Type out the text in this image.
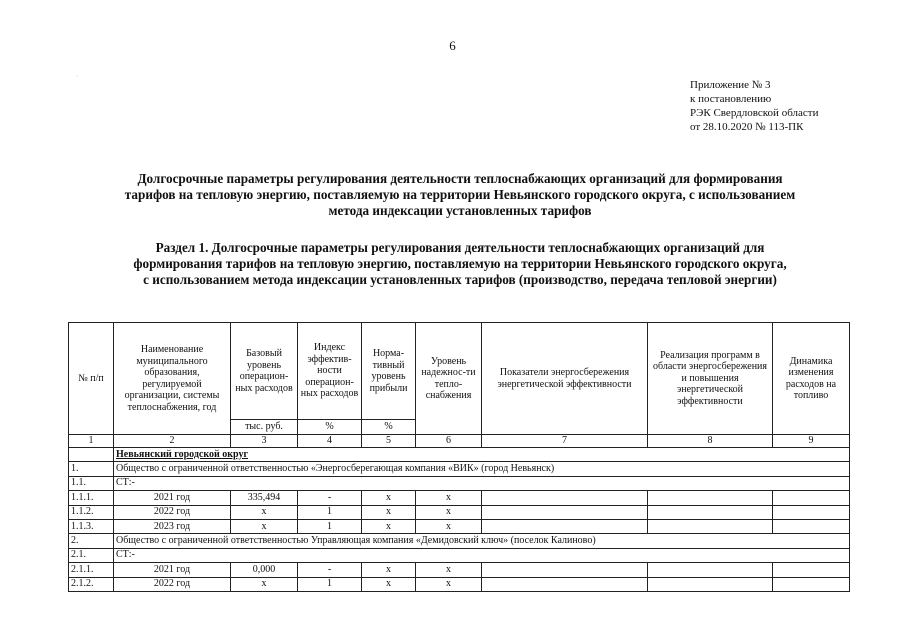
6
·
Приложение № 3
к постановлению
РЭК Свердловской области
от 28.10.2020 № 113-ПК
Долгосрочные параметры регулирования деятельности теплоснабжающих организаций для формирования
тарифов на тепловую энергию, поставляемую на территории Невьянского городского округа, с использованием
метода индексации установленных тарифов
Раздел 1. Долгосрочные параметры регулирования деятельности теплоснабжающих организаций для
формирования тарифов на тепловую энергию, поставляемую на территории Невьянского городского округа,
с использованием метода индексации установленных тарифов (производство, передача тепловой энергии)
№ п/п	Наименование муниципального образования, регулируемой организации, системы теплоснабжения, год	Базовый уровень операцион-ных расходов	Индекс эффектив-ности операцион-ных расходов	Норма-тивный уровень прибыли	Уровень надежнос-ти тепло-снабжения	Показатели энергосбережения энергетической эффективности	Реализация программ в области энергосбережения и повышения энергетической эффективности	Динамика изменения расходов на топливо
		тыс. руб.	%	%				
1	2	3	4	5	6	7	8	9
	Невьянский городской округ							
1.	Общество с ограниченной ответственностью «Энергосберегающая компания «ВИК» (город Невьянск)							
1.1.	СТ:-							
1.1.1.	2021 год	335,494	-	х	х			
1.1.2.	2022 год	х	1	х	х			
1.1.3.	2023 год	х	1	х	х			
2.	Общество с ограниченной ответственностью Управляющая компания «Демидовский ключ» (поселок Калиново)							
2.1.	СТ:-							
2.1.1.	2021 год	0,000	-	х	х			
2.1.2.	2022 год	х	1	х	х			
